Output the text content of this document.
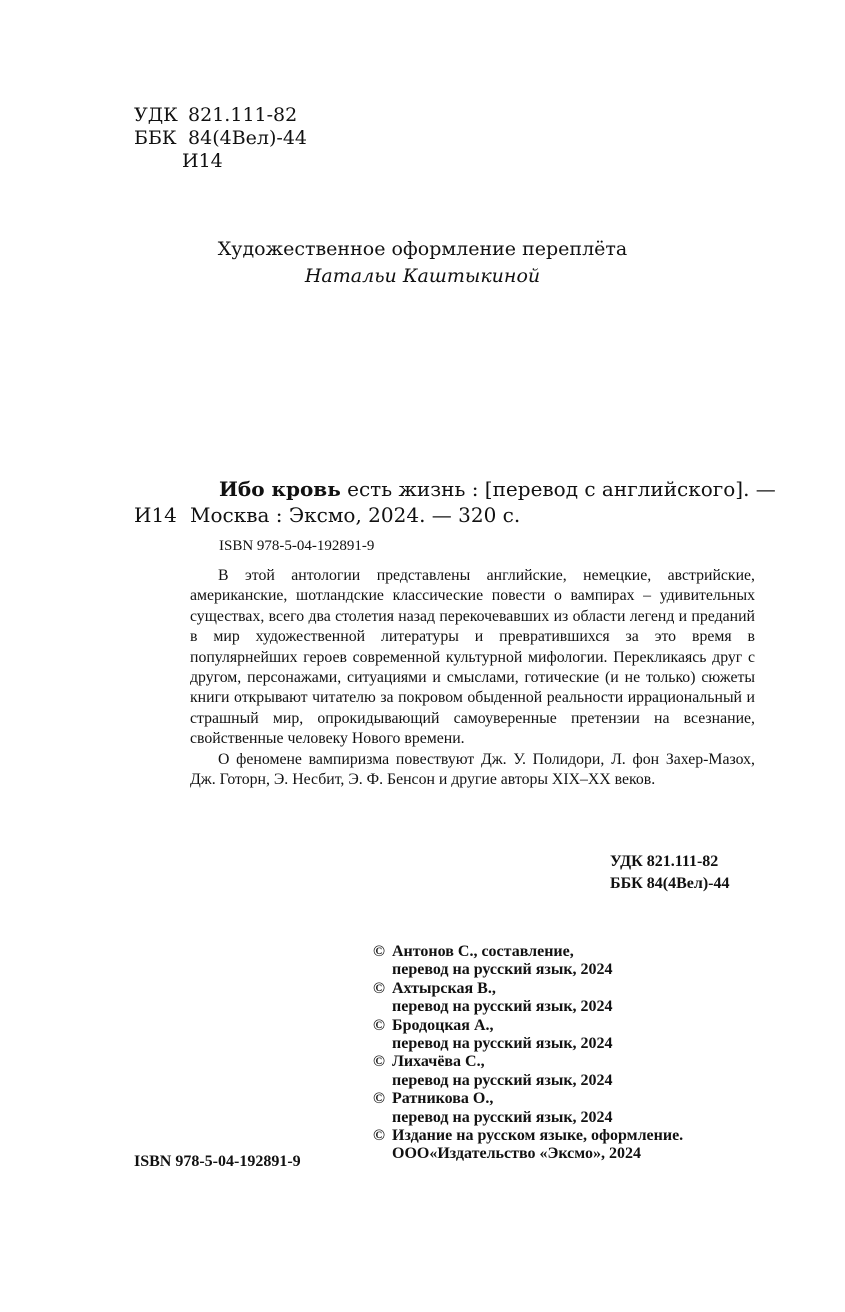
УДК 821.111-82
ББК 84(4Вел)-44
И14
Художественное оформление переплёта
Натальи Каштыкиной
Ибо кровь есть жизнь : [перевод с английского]. —
И14 Москва : Эксмо, 2024. — 320 с.
ISBN 978-5-04-192891-9

В этой антологии представлены английские, немецкие, австрийские, американские, шотландские классические повести о вампирах – удивительных существах, всего два столетия назад перекочевавших из области легенд и преданий в мир художественной литературы и превратившихся за это время в популярнейших героев современной культурной мифологии. Перекликаясь друг с другом, персонажами, ситуациями и смыслами, готические (и не только) сюжеты книги открывают читателю за покровом обыденной реальности иррациональный и страшный мир, опрокидывающий самоуверенные претензии на всезнание, свойственные человеку Нового времени.

О феномене вампиризма повествуют Дж. У. Полидори, Л. фон Захер-Мазох, Дж. Готорн, Э. Несбит, Э. Ф. Бенсон и другие авторы XIX–XX веков.

УДК 821.111-82
ББК 84(4Вел)-44
© Антонов С., составление,
перевод на русский язык, 2024
© Ахтырская В.,
перевод на русский язык, 2024
© Бродоцкая А.,
перевод на русский язык, 2024
© Лихачёва С.,
перевод на русский язык, 2024
© Ратникова О.,
перевод на русский язык, 2024
© Издание на русском языке, оформление.
ООО«Издательство «Эксмо», 2024
ISBN 978-5-04-192891-9
